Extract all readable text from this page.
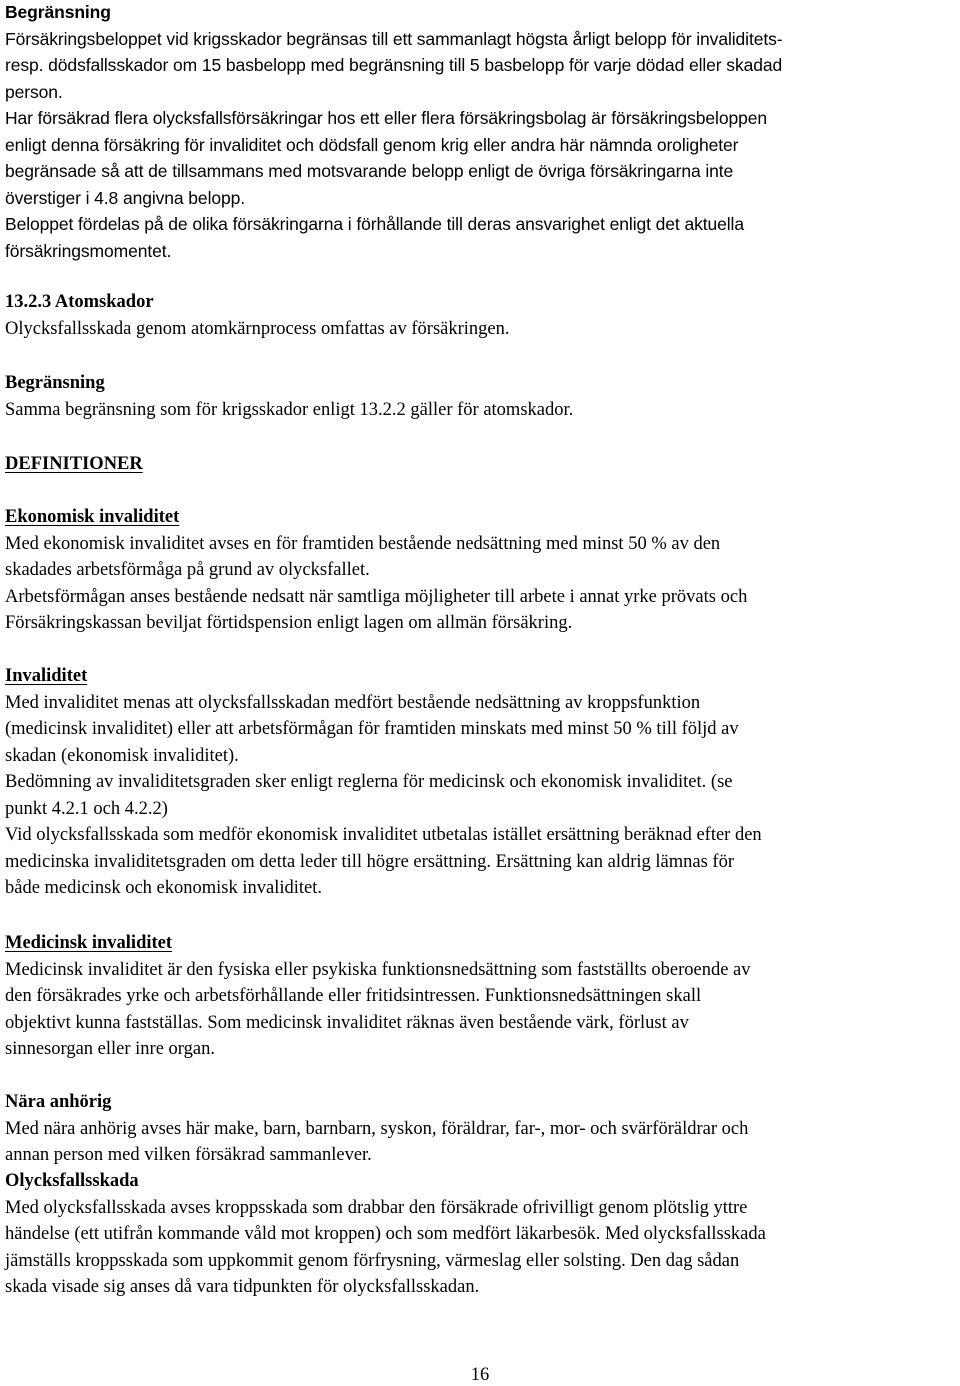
Begränsning
Försäkringsbeloppet vid krigsskador begränsas till ett sammanlagt högsta årligt belopp för invaliditets-
resp. dödsfallsskador om 15 basbelopp med begränsning till 5 basbelopp för varje dödad eller skadad
person.
Har försäkrad flera olycksfallsförsäkringar hos ett eller flera försäkringsbolag är försäkringsbeloppen
enligt denna försäkring för invaliditet och dödsfall genom krig eller andra här nämnda oroligheter
begränsade så att de tillsammans med motsvarande belopp enligt de övriga försäkringarna inte
överstiger i 4.8 angivna belopp.
Beloppet fördelas på de olika försäkringarna i förhållande till deras ansvarighet enligt det aktuella
försäkringsmomentet.
13.2.3 Atomskador
Olycksfallsskada genom atomkärnprocess omfattas av försäkringen.
Begränsning
Samma begränsning som för krigsskador enligt 13.2.2 gäller för atomskador.
DEFINITIONER
Ekonomisk invaliditet
Med ekonomisk invaliditet avses en för framtiden bestående nedsättning med minst 50 % av den
skadades arbetsförmåga på grund av olycksfallet.
Arbetsförmågan anses bestående nedsatt när samtliga möjligheter till arbete i annat yrke prövats och
Försäkringskassan beviljat förtidspension enligt lagen om allmän försäkring.
Invaliditet
Med invaliditet menas att olycksfallsskadan medfört bestående nedsättning av kroppsfunktion
(medicinsk invaliditet) eller att arbetsförmågan för framtiden minskats med minst 50 % till följd av
skadan (ekonomisk invaliditet).
Bedömning av invaliditetsgraden sker enligt reglerna för medicinsk och ekonomisk invaliditet. (se
punkt 4.2.1 och 4.2.2)
Vid olycksfallsskada som medför ekonomisk invaliditet utbetalas istället ersättning beräknad efter den
medicinska invaliditetsgraden om detta leder till högre ersättning. Ersättning kan aldrig lämnas för
både medicinsk och ekonomisk invaliditet.
Medicinsk invaliditet
Medicinsk invaliditet är den fysiska eller psykiska funktionsnedsättning som fastställts oberoende av
den försäkrades yrke och arbetsförhållande eller fritidsintressen. Funktionsnedsättningen skall
objektivt kunna fastställas. Som medicinsk invaliditet räknas även bestående värk, förlust av
sinnesorgan eller inre organ.
Nära anhörig
Med nära anhörig avses här make, barn, barnbarn, syskon, föräldrar, far-, mor- och svärföräldrar och
annan person med vilken försäkrad sammanlever.
Olycksfallsskada
Med olycksfallsskada avses kroppsskada som drabbar den försäkrade ofrivilligt genom plötslig yttre
händelse (ett utifrån kommande våld mot kroppen) och som medfört läkarbesök. Med olycksfallsskada
jämställs kroppsskada som uppkommit genom förfrysning, värmeslag eller solsting. Den dag sådan
skada visade sig anses då vara tidpunkten för olycksfallsskadan.
16
